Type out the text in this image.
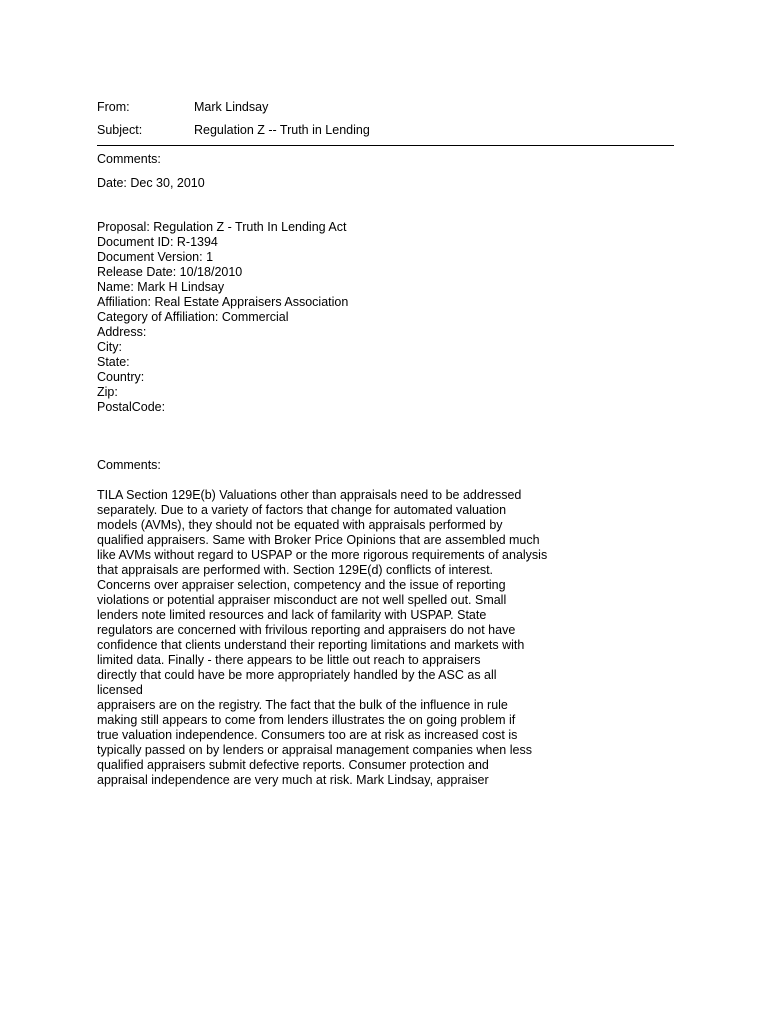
From:	Mark Lindsay
Subject:	Regulation Z -- Truth in Lending
Comments:
Date: Dec 30, 2010
Proposal: Regulation Z - Truth In Lending Act
Document ID: R-1394
Document Version: 1
Release Date: 10/18/2010
Name: Mark H Lindsay
Affiliation: Real Estate Appraisers Association
Category of Affiliation: Commercial
Address:
City:
State:
Country:
Zip:
PostalCode:
Comments:
TILA Section 129E(b) Valuations other than appraisals need to be addressed
separately. Due to a variety of factors that change for automated valuation
models (AVMs), they should not be equated with appraisals performed by
qualified appraisers. Same with Broker Price Opinions that are assembled much
like AVMs without regard to USPAP or the more rigorous requirements of analysis
that appraisals are performed with. Section 129E(d) conflicts of interest.
Concerns over appraiser selection, competency and the issue of reporting
violations or potential appraiser misconduct are not well spelled out. Small
lenders note limited resources and lack of familarity with USPAP. State
regulators are concerned with frivilous reporting and appraisers do not have
confidence that clients understand their reporting limitations and markets with
limited data. Finally - there appears to be little out reach to appraisers
directly that could have be more appropriately handled by the ASC as all
licensed
appraisers are on the registry. The fact that the bulk of the influence in rule
making still appears to come from lenders illustrates the on going problem if
true valuation independence. Consumers too are at risk as increased cost is
typically passed on by lenders or appraisal management companies when less
qualified appraisers submit defective reports. Consumer protection and
appraisal independence are very much at risk. Mark Lindsay, appraiser
